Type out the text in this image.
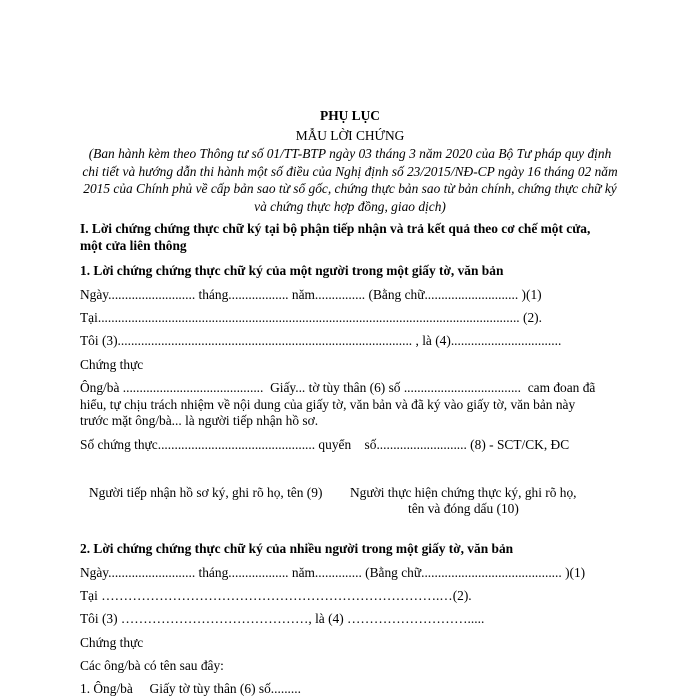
PHỤ LỤC
MẪU LỜI CHỨNG
(Ban hành kèm theo Thông tư số 01/TT-BTP ngày 03 tháng 3 năm 2020 của Bộ Tư pháp quy định chi tiết và hướng dẫn thi hành một số điều của Nghị định số 23/2015/NĐ-CP ngày 16 tháng 02 năm 2015 của Chính phủ về cấp bản sao từ sổ gốc, chứng thực bản sao từ bản chính, chứng thực chữ ký và chứng thực hợp đồng, giao dịch)
I. Lời chứng chứng thực chữ ký tại bộ phận tiếp nhận và trả kết quả theo cơ chế một cửa,
một cửa liên thông
1. Lời chứng chứng thực chữ ký của một người trong một giấy tờ, văn bản
Ngày.......................... tháng.................. năm............... (Bằng chữ............................ )(1)
Tại.............................................................................................................................. (2).
Tôi (3)........................................................................................ , là (4).................................
Chứng thực
Ông/bà ..........................................  Giấy... tờ tùy thân (6) số ...................................  cam đoan đã
hiểu, tự chịu trách nhiệm về nội dung của giấy tờ, văn bản và đã ký vào giấy tờ, văn bản này
trước mặt ông/bà... là người tiếp nhận hồ sơ.
Số chứng thực............................................... quyển    số........................... (8) - SCT/CK, ĐC
Người tiếp nhận hồ sơ ký, ghi rõ họ, tên (9) Người thực hiện chứng thực ký, ghi rõ họ,
tên và đóng dấu (10)
2. Lời chứng chứng thực chữ ký của nhiều người trong một giấy tờ, văn bản
Ngày.......................... tháng.................. năm.............. (Bằng chữ.......................................... )(1)
Tại ………………………………………………………………….…(2).
Tôi (3) ……………………………………, là (4) ……………………….....
Chứng thực
Các ông/bà có tên sau đây:
1. Ông/bà     Giấy tờ tùy thân (6) số.........
